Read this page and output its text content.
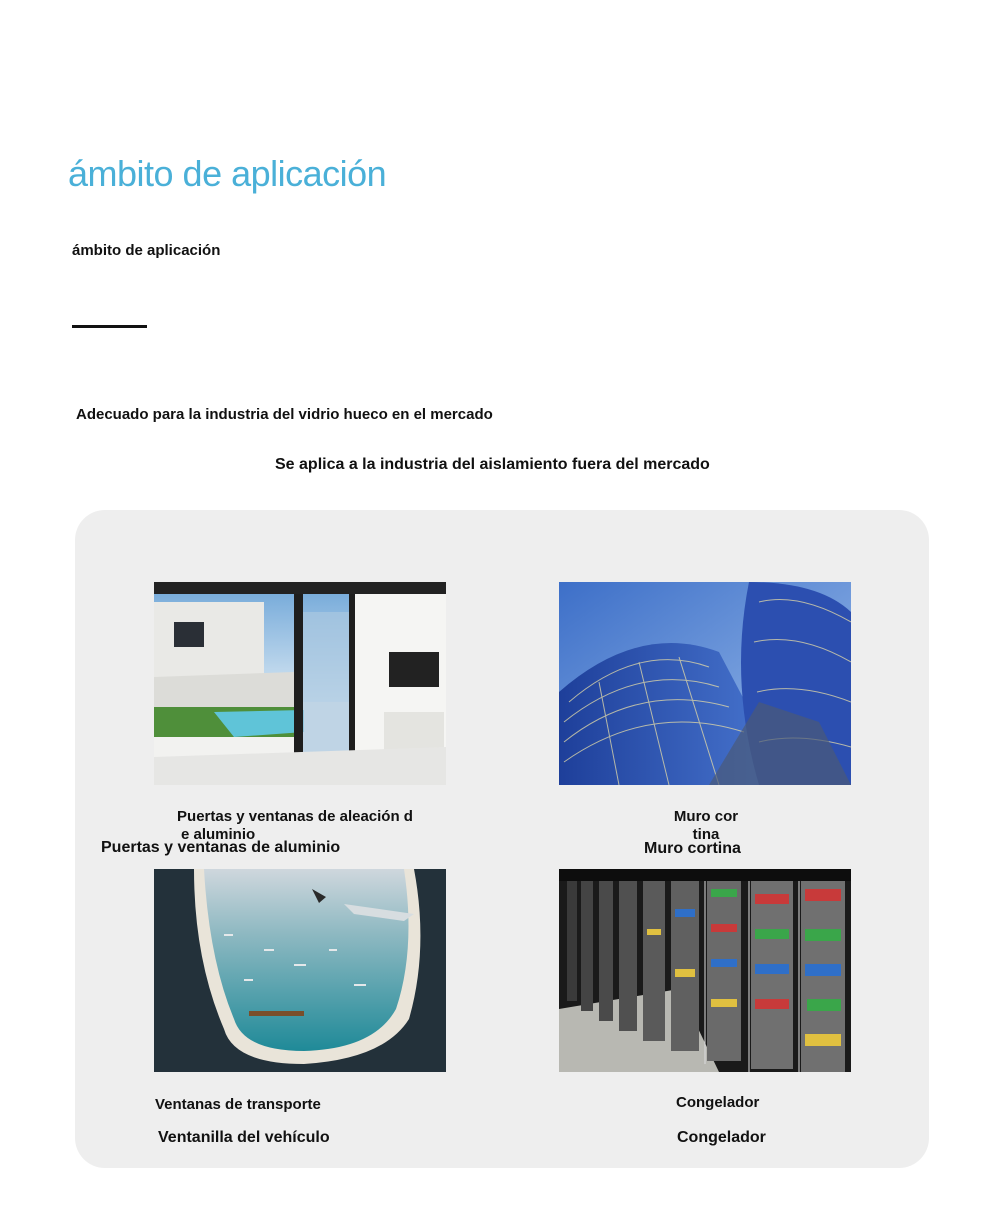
ámbito de aplicación
ámbito de aplicación
Adecuado para la industria del vidrio hueco en el mercado
Se aplica a la industria del aislamiento fuera del mercado
Puertas y ventanas de aleación d
e aluminio
Puertas y ventanas de aluminio
Muro cor
tina
Muro cortina
Ventanas de transporte
Ventanilla del vehículo
Congelador
Congelador
